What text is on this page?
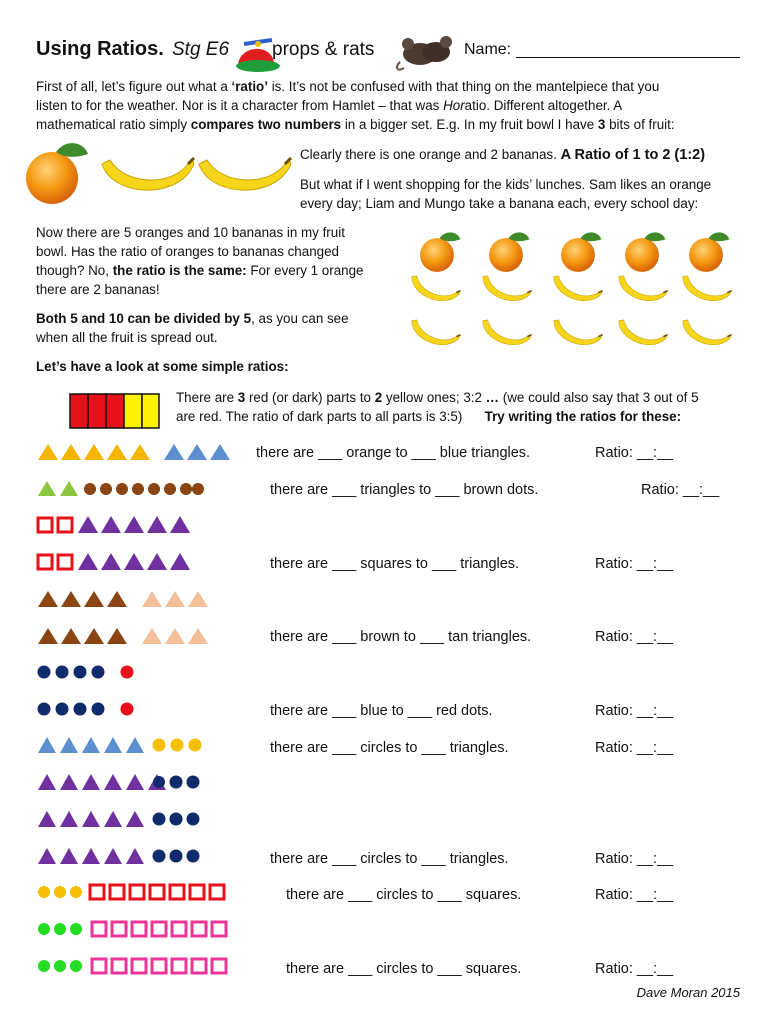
Using Ratios. Stg E6 props & rats	Name:
First of all, let’s figure out what a ‘ratio’ is. It’s not be confused with that thing on the mantelpiece that you
listen to for the weather. Nor is it a character from Hamlet – that was Horatio. Different altogether. A
mathematical ratio simply compares two numbers in a bigger set. E.g. In my fruit bowl I have 3 bits of fruit:
Clearly there is one orange and 2 bananas. A Ratio of 1 to 2 (1:2)

But what if I went shopping for the kids’ lunches. Sam likes an orange every day; Liam and Mungo take a banana each, every school day:
Now there are 5 oranges and 10 bananas in my fruit bowl. Has the ratio of oranges to bananas changed though? No, the ratio is the same: For every 1 orange there are 2 bananas!
Both 5 and 10 can be divided by 5, as you can see when all the fruit is spread out.
Let’s have a look at some simple ratios:
There are 3 red (or dark) parts to 2 yellow ones; 3:2 … (we could also say that 3 out of 5
are red. The ratio of dark parts to all parts is 3:5) Try writing the ratios for these:
there are ___ orange to ___ blue triangles.	Ratio: __:__
there are ___ triangles to ___ brown dots.	Ratio: __:__
there are ___ squares to ___ triangles.	Ratio: __:__
there are ___ brown to ___ tan triangles.	Ratio: __:__
there are ___ blue to ___ red dots.	Ratio: __:__
there are ___ circles to ___ triangles.	Ratio: __:__
there are ___ circles to ___ triangles.	Ratio: __:__
there are ___ circles to ___ squares.	Ratio: __:__
there are ___ circles to ___ squares.	Ratio: __:__
Dave Moran 2015
